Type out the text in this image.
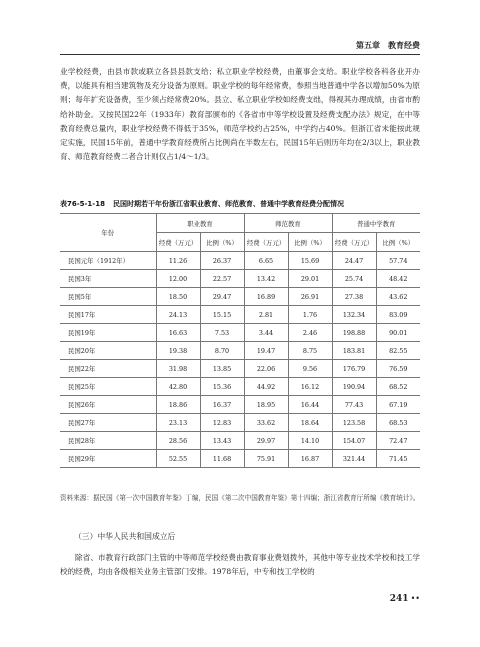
第五章　教育经费
业学校经费，由县市款或联立各县县款支给；私立职业学校经费，由董事会支给。职业学校各科各业开办费，以能具有相当建筑物及充分设备为原则。职业学校的每年经常费，参照当地普通中学各以增加50%为原则；每年扩充设备费，至少须占经常费20%。县立、私立职业学校如经费支绌，得视其办理成绩，由省市酌给补助金。又按民国22年（1933年）教育部颁布的《各省市中等学校设置及经费支配办法》规定，在中等教育经费总量内，职业学校经费不得低于35%，师范学校约占25%，中学约占40%。但浙江省未能按此规定实施，民国15年前，普通中学教育经费所占比例尚在半数左右，民国15年后则历年均在2/3以上，职业教育、师范教育经费二者合计则仅占1/4～1/3。
表76-5-1-18 民国时期若干年份浙江省职业教育、师范教育、普通中学教育经费分配情况
年份	职业教育		师范教育		普通中学教育	
	经费（万元）	比例（%）	经费（万元）	比例（%）	经费（万元）	比例（%）
民国元年（1912年）	11.26	26.37	6.65	15.69	24.47	57.74
民国3年	12.00	22.57	13.42	29.01	25.74	48.42
民国5年	18.50	29.47	16.89	26.91	27.38	43.62
民国17年	24.13	15.15	2.81	1.76	132.34	83.09
民国19年	16.63	7.53	3.44	2.46	198.88	90.01
民国20年	19.38	8.70	19.47	8.75	183.81	82.55
民国22年	31.98	13.85	22.06	9.56	176.79	76.59
民国25年	42.80	15.36	44.92	16.12	190.94	68.52
民国26年	18.86	16.37	18.95	16.44	77.43	67.19
民国27年	23.13	12.83	33.62	18.64	123.58	68.53
民国28年	28.56	13.43	29.97	14.10	154.07	72.47
民国29年	52.55	11.68	75.91	16.87	321.44	71.45
资料来源：据民国《第一次中国教育年鉴》丁编，民国《第二次中国教育年鉴》第十四编；浙江省教育厅所编《教育统计》。
（三）中华人民共和国成立后
除省、市教育行政部门主管的中等师范学校经费由教育事业费划拨外，其他中等专业技术学校和技工学校的经费，均由各级相关业务主管部门安排。1978年后，中专和技工学校的
241 ••
